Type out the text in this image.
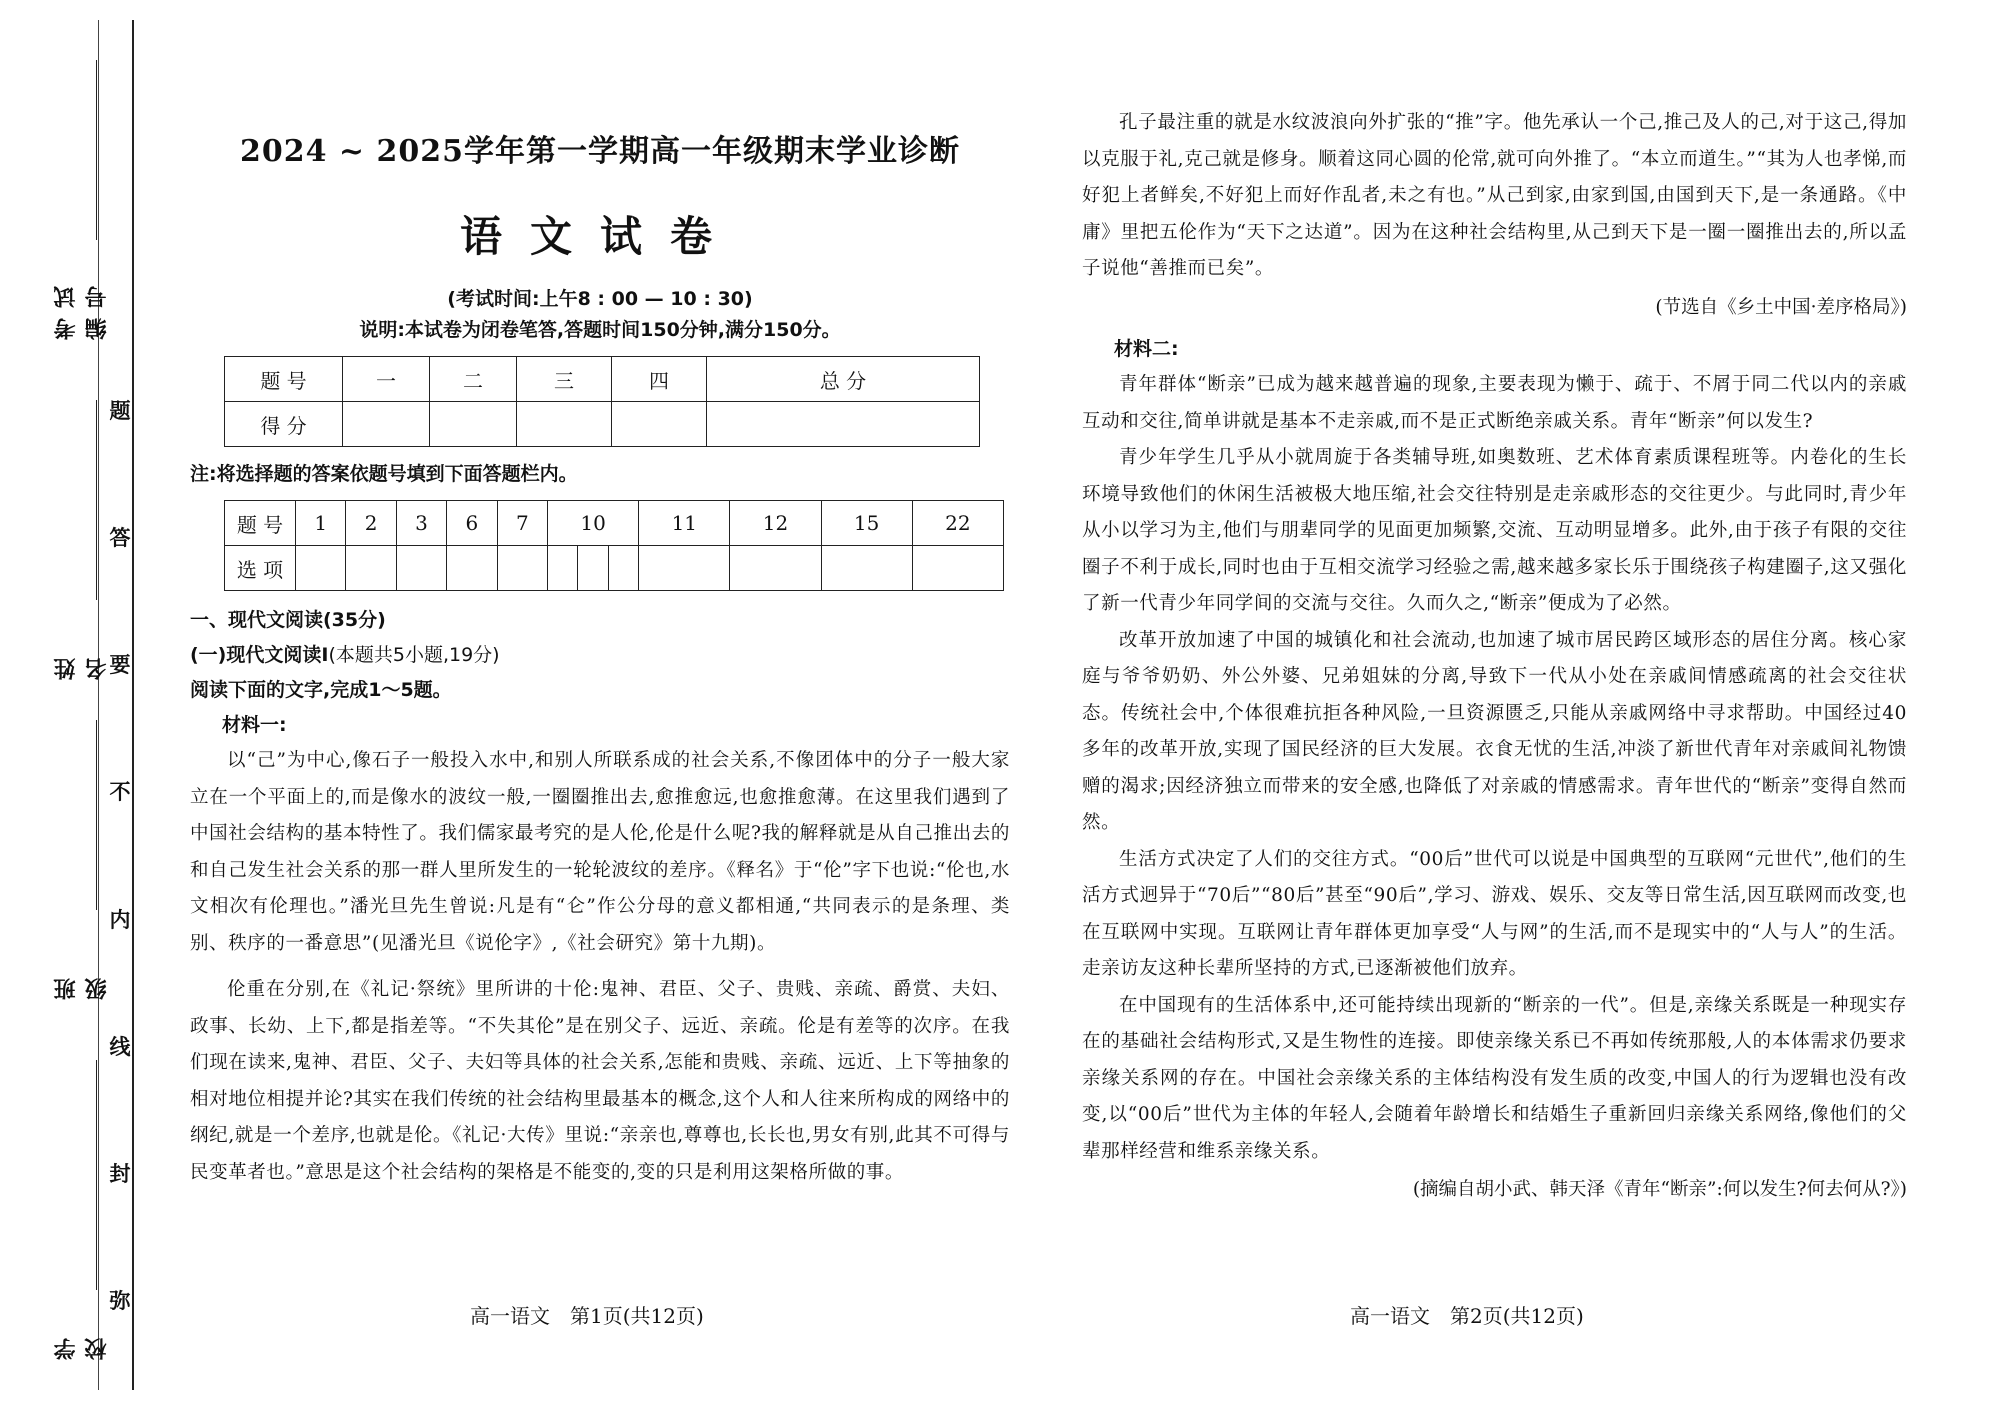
考试编号
姓 名
班 级
学 校
题
答
要
不
内
线
封
弥
2024 ~ 2025学年第一学期高一年级期末学业诊断
语文试卷
(考试时间:上午8 : 00 — 10 : 30)
说明:本试卷为闭卷笔答,答题时间150分钟,满分150分。
题 号	一	二	三	四	总 分
得 分					
注:将选择题的答案依题号填到下面答题栏内。
题 号	1	2	3	6	7	10			11	12	15	22
选 项												
一、现代文阅读(35分)
(一)现代文阅读Ⅰ(本题共5小题,19分)
阅读下面的文字,完成1～5题。
材料一:

以“己”为中心,像石子一般投入水中,和别人所联系成的社会关系,不像团体中的分子一般大家立在一个平面上的,而是像水的波纹一般,一圈圈推出去,愈推愈远,也愈推愈薄。在这里我们遇到了中国社会结构的基本特性了。我们儒家最考究的是人伦,伦是什么呢?我的解释就是从自己推出去的和自己发生社会关系的那一群人里所发生的一轮轮波纹的差序。《释名》于“伦”字下也说:“伦也,水文相次有伦理也。”潘光旦先生曾说:凡是有“仑”作公分母的意义都相通,“共同表示的是条理、类别、秩序的一番意思”(见潘光旦《说伦字》,《社会研究》第十九期)。

伦重在分别,在《礼记·祭统》里所讲的十伦:鬼神、君臣、父子、贵贱、亲疏、爵赏、夫妇、政事、长幼、上下,都是指差等。“不失其伦”是在别父子、远近、亲疏。伦是有差等的次序。在我们现在读来,鬼神、君臣、父子、夫妇等具体的社会关系,怎能和贵贱、亲疏、远近、上下等抽象的相对地位相提并论?其实在我们传统的社会结构里最基本的概念,这个人和人往来所构成的网络中的纲纪,就是一个差序,也就是伦。《礼记·大传》里说:“亲亲也,尊尊也,长长也,男女有别,此其不可得与民变革者也。”意思是这个社会结构的架格是不能变的,变的只是利用这架格所做的事。

孔子最注重的就是水纹波浪向外扩张的“推”字。他先承认一个己,推己及人的己,对于这己,得加以克服于礼,克己就是修身。顺着这同心圆的伦常,就可向外推了。“本立而道生。”“其为人也孝悌,而好犯上者鲜矣,不好犯上而好作乱者,未之有也。”从己到家,由家到国,由国到天下,是一条通路。《中庸》里把五伦作为“天下之达道”。因为在这种社会结构里,从己到天下是一圈一圈推出去的,所以孟子说他“善推而已矣”。

(节选自《乡土中国·差序格局》)
材料二:

青年群体“断亲”已成为越来越普遍的现象,主要表现为懒于、疏于、不屑于同二代以内的亲戚互动和交往,简单讲就是基本不走亲戚,而不是正式断绝亲戚关系。青年“断亲”何以发生?

青少年学生几乎从小就周旋于各类辅导班,如奥数班、艺术体育素质课程班等。内卷化的生长环境导致他们的休闲生活被极大地压缩,社会交往特别是走亲戚形态的交往更少。与此同时,青少年从小以学习为主,他们与朋辈同学的见面更加频繁,交流、互动明显增多。此外,由于孩子有限的交往圈子不利于成长,同时也由于互相交流学习经验之需,越来越多家长乐于围绕孩子构建圈子,这又强化了新一代青少年同学间的交流与交往。久而久之,“断亲”便成为了必然。

改革开放加速了中国的城镇化和社会流动,也加速了城市居民跨区域形态的居住分离。核心家庭与爷爷奶奶、外公外婆、兄弟姐妹的分离,导致下一代从小处在亲戚间情感疏离的社会交往状态。传统社会中,个体很难抗拒各种风险,一旦资源匮乏,只能从亲戚网络中寻求帮助。中国经过40多年的改革开放,实现了国民经济的巨大发展。衣食无忧的生活,冲淡了新世代青年对亲戚间礼物馈赠的渴求;因经济独立而带来的安全感,也降低了对亲戚的情感需求。青年世代的“断亲”变得自然而然。

生活方式决定了人们的交往方式。“00后”世代可以说是中国典型的互联网“元世代”,他们的生活方式迥异于“70后”“80后”甚至“90后”,学习、游戏、娱乐、交友等日常生活,因互联网而改变,也在互联网中实现。互联网让青年群体更加享受“人与网”的生活,而不是现实中的“人与人”的生活。走亲访友这种长辈所坚持的方式,已逐渐被他们放弃。

在中国现有的生活体系中,还可能持续出现新的“断亲的一代”。但是,亲缘关系既是一种现实存在的基础社会结构形式,又是生物性的连接。即使亲缘关系已不再如传统那般,人的本体需求仍要求亲缘关系网的存在。中国社会亲缘关系的主体结构没有发生质的改变,中国人的行为逻辑也没有改变,以“00后”世代为主体的年轻人,会随着年龄增长和结婚生子重新回归亲缘关系网络,像他们的父辈那样经营和维系亲缘关系。

(摘编自胡小武、韩天泽《青年“断亲”:何以发生?何去何从?》)
高一语文　第1页(共12页)	高一语文　第2页(共12页)
